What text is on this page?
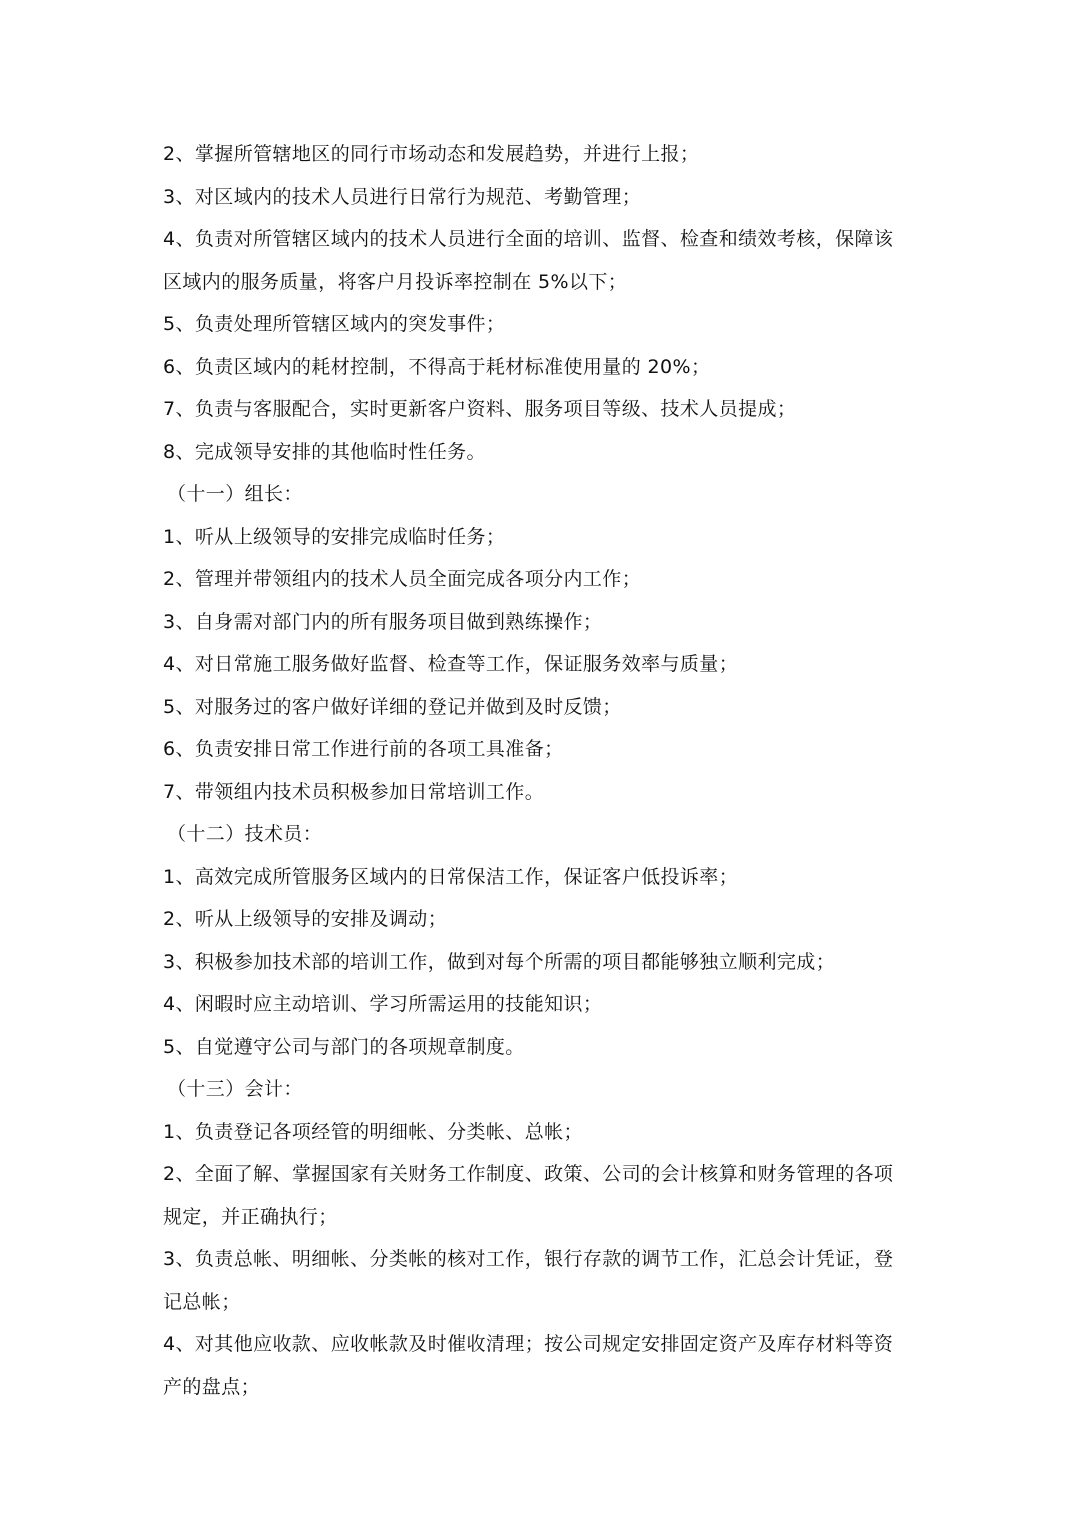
2、掌握所管辖地区的同行市场动态和发展趋势，并进行上报；
3、对区域内的技术人员进行日常行为规范、考勤管理；
4、负责对所管辖区域内的技术人员进行全面的培训、监督、检查和绩效考核，保障该
区域内的服务质量，将客户月投诉率控制在 5%以下；
5、负责处理所管辖区域内的突发事件；
6、负责区域内的耗材控制，不得高于耗材标准使用量的 20%；
7、负责与客服配合，实时更新客户资料、服务项目等级、技术人员提成；
8、完成领导安排的其他临时性任务。
（十一）组长：
1、听从上级领导的安排完成临时任务；
2、管理并带领组内的技术人员全面完成各项分内工作；
3、自身需对部门内的所有服务项目做到熟练操作；
4、对日常施工服务做好监督、检查等工作，保证服务效率与质量；
5、对服务过的客户做好详细的登记并做到及时反馈；
6、负责安排日常工作进行前的各项工具准备；
7、带领组内技术员积极参加日常培训工作。
（十二）技术员：
1、高效完成所管服务区域内的日常保洁工作，保证客户低投诉率；
2、听从上级领导的安排及调动；
3、积极参加技术部的培训工作，做到对每个所需的项目都能够独立顺利完成；
4、闲暇时应主动培训、学习所需运用的技能知识；
5、自觉遵守公司与部门的各项规章制度。
（十三）会计：
1、负责登记各项经管的明细帐、分类帐、总帐；
2、全面了解、掌握国家有关财务工作制度、政策、公司的会计核算和财务管理的各项
规定，并正确执行；
3、负责总帐、明细帐、分类帐的核对工作，银行存款的调节工作，汇总会计凭证，登
记总帐；
4、对其他应收款、应收帐款及时催收清理；按公司规定安排固定资产及库存材料等资
产的盘点；
